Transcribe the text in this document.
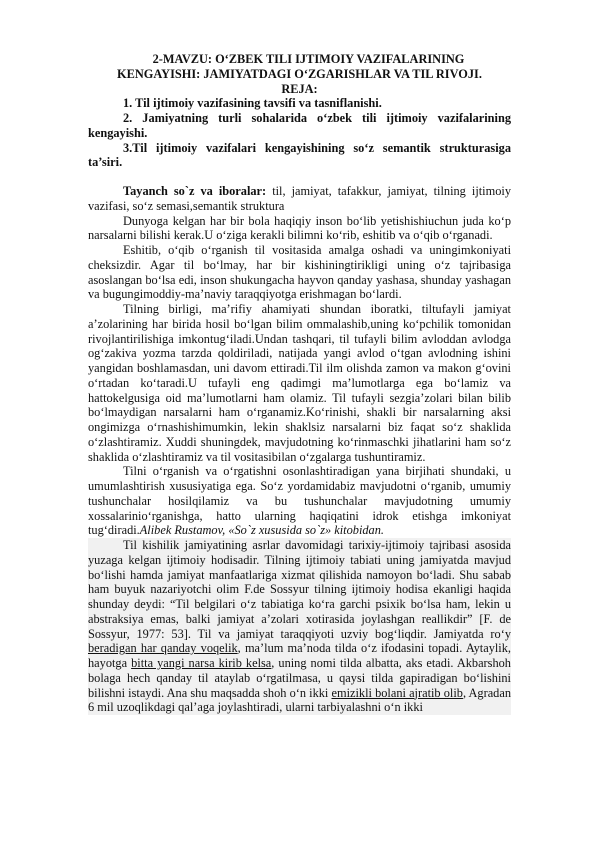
2-MAVZU: O‘ZBEK TILI IJTIMOIY VAZIFALARINING
KENGAYISHI: JAMIYATDAGI O‘ZGARISHLAR VA TIL RIVOJI.
REJA:

1. Til ijtimoiy vazifasining tavsifi va tasniflanishi.

2. Jamiyatning turli sohalarida o‘zbek tili ijtimoiy vazifalarining kengayishi.

3.Til ijtimoiy vazifalari kengayishining so‘z semantik strukturasiga ta’siri.

Tayanch so`z va iboralar: til, jamiyat, tafakkur, jamiyat, tilning ijtimoiy vazifasi, so‘z semasi,semantik struktura

Dunyoga kelgan har bir bola haqiqiy inson bo‘lib yetishishiuchun juda ko‘p narsalarni bilishi kerak.U o‘ziga kerakli bilimni ko‘rib, eshitib va o‘qib o‘rganadi.

Eshitib, o‘qib o‘rganish til vositasida amalga oshadi va uningimkoniyati cheksizdir. Agar til bo‘lmay, har bir kishiningtirikligi uning o‘z tajribasiga asoslangan bo‘lsa edi, inson shukungacha hayvon qanday yashasa, shunday yashagan va bugungimoddiy-ma’naviy taraqqiyotga erishmagan bo‘lardi.

Tilning birligi, ma’rifiy ahamiyati shundan iboratki, tiltufayli jamiyat a’zolarining har birida hosil bo‘lgan bilim ommalashib,uning ko‘pchilik tomonidan rivojlantirilishiga imkontug‘iladi.Undan tashqari, til tufayli bilim avloddan avlodga og‘zakiva yozma tarzda qoldiriladi, natijada yangi avlod o‘tgan avlodning ishini yangidan boshlamasdan, uni davom ettiradi.Til ilm olishda zamon va makon g‘ovini o‘rtadan ko‘taradi.U tufayli eng qadimgi ma’lumotlarga ega bo‘lamiz va hattokelgusiga oid ma’lumotlarni ham olamiz. Til tufayli sezgia’zolari bilan bilib bo‘lmaydigan narsalarni ham o‘rganamiz.Ko‘rinishi, shakli bir narsalarning aksi ongimizga o‘rnashishimumkin, lekin shaklsiz narsalarni biz faqat so‘z shaklida o‘zlashtiramiz. Xuddi shuningdek, mavjudotning ko‘rinmaschki jihatlarini ham so‘z shaklida o‘zlashtiramiz va til vositasibilan o‘zgalarga tushuntiramiz.

Tilni o‘rganish va o‘rgatishni osonlashtiradigan yana birjihati shundaki, u umumlashtirish xususiyatiga ega. So‘z yordamidabiz mavjudotni o‘rganib, umumiy tushunchalar hosilqilamiz va bu tushunchalar mavjudotning umumiy xossalarinio‘rganishga, hatto ularning haqiqatini idrok etishga imkoniyat tug‘diradi.Alibek Rustamov, «So`z xususida so`z» kitobidan.

Til kishilik jamiyatining asrlar davomidagi tarixiy-ijtimoiy tajribasi asosida yuzaga kelgan ijtimoiy hodisadir. Tilning ijtimoiy tabiati uning jamiyatda mavjud bo‘lishi hamda jamiyat manfaatlariga xizmat qilishida namoyon bo‘ladi. Shu sabab ham buyuk nazariyotchi olim F.de Sossyur tilning ijtimoiy hodisa ekanligi haqida shunday deydi: “Til belgilari o‘z tabiatiga ko‘ra garchi psixik bo‘lsa ham, lekin u abstraksiya emas, balki jamiyat a’zolari xotirasida joylashgan reallikdir” [F. de Sossyur, 1977: 53]. Til va jamiyat taraqqiyoti uzviy bog‘liqdir. Jamiyatda ro‘y beradigan har qanday voqelik, ma’lum ma’noda tilda o‘z ifodasini topadi. Aytaylik, hayotga bitta yangi narsa kirib kelsa, uning nomi tilda albatta, aks etadi. Akbarshoh bolaga hech qanday til ataylab o‘rgatilmasa, u qaysi tilda gapiradigan bo‘lishini bilishni istaydi. Ana shu maqsadda shoh o‘n ikki emizikli bolani ajratib olib, Agradan 6 mil uzoqlikdagi qal’aga joylashtiradi, ularni tarbiyalashni o‘n ikki
